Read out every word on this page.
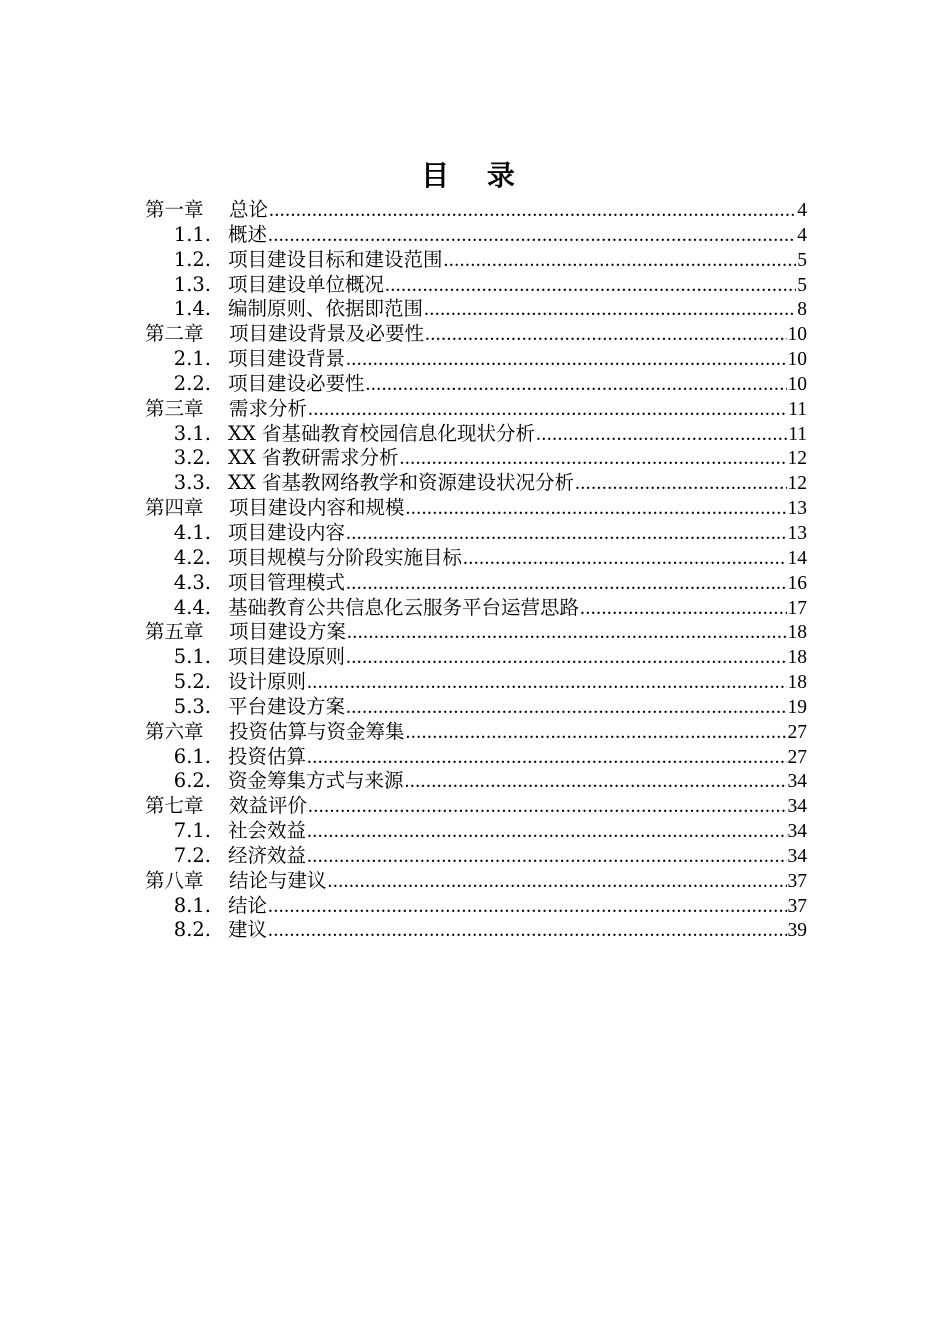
目 录
第一章	总论 .....	4
1.1. 概述 .....	4
1.2. 项目建设目标和建设范围 .....	5
1.3. 项目建设单位概况 .....	5
1.4. 编制原则、依据即范围 .....	8
第二章	项目建设背景及必要性 .....	10
2.1. 项目建设背景 .....	10
2.2. 项目建设必要性 .....	10
第三章	需求分析 .....	11
3.1. XX 省基础教育校园信息化现状分析 .....	11
3.2. XX 省教研需求分析 .....	12
3.3. XX 省基教网络教学和资源建设状况分析 .....	12
第四章	项目建设内容和规模 .....	13
4.1. 项目建设内容 .....	13
4.2. 项目规模与分阶段实施目标 .....	14
4.3. 项目管理模式 .....	16
4.4. 基础教育公共信息化云服务平台运营思路 .....	17
第五章	项目建设方案 .....	18
5.1. 项目建设原则 .....	18
5.2. 设计原则 .....	18
5.3. 平台建设方案 .....	19
第六章	投资估算与资金筹集 .....	27
6.1. 投资估算 .....	27
6.2. 资金筹集方式与来源 .....	34
第七章	效益评价 .....	34
7.1. 社会效益 .....	34
7.2. 经济效益 .....	34
第八章	结论与建议 .....	37
8.1. 结论 .....	37
8.2. 建议 .....	39
